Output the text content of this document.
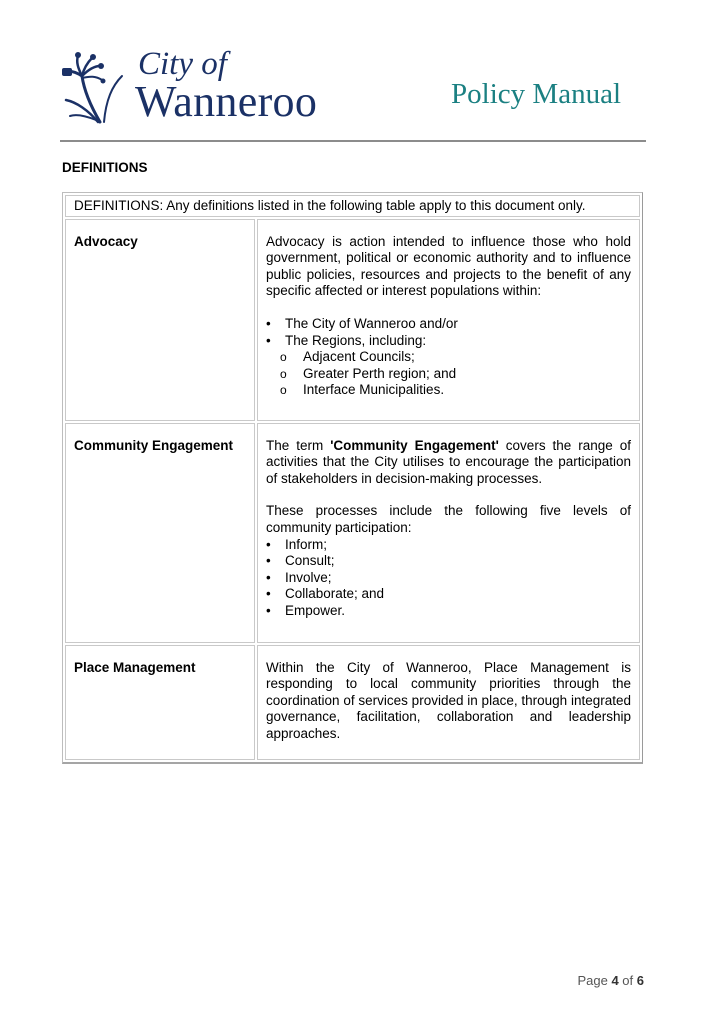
City of
Wanneroo	Policy Manual
DEFINITIONS
DEFINITIONS: Any definitions listed in the following table apply to this document only.	
Advocacy	Advocacy is action intended to influence those who hold government, political or economic authority and to influence public policies, resources and projects to the benefit of any specific affected or interest populations within:

• The City of Wanneroo and/or
• The Regions, including:
o Adjacent Councils;
o Greater Perth region; and
o Interface Municipalities.

Community Engagement	The term 'Community Engagement' covers the range of activities that the City utilises to encourage the participation of stakeholders in decision-making processes.

These processes include the following five levels of community participation:

• Inform;
• Consult;
• Involve;
• Collaborate; and
• Empower.

Place Management	Within the City of Wanneroo, Place Management is responding to local community priorities through the coordination of services provided in place, through integrated governance, facilitation, collaboration and leadership approaches.

Page 4 of 6
